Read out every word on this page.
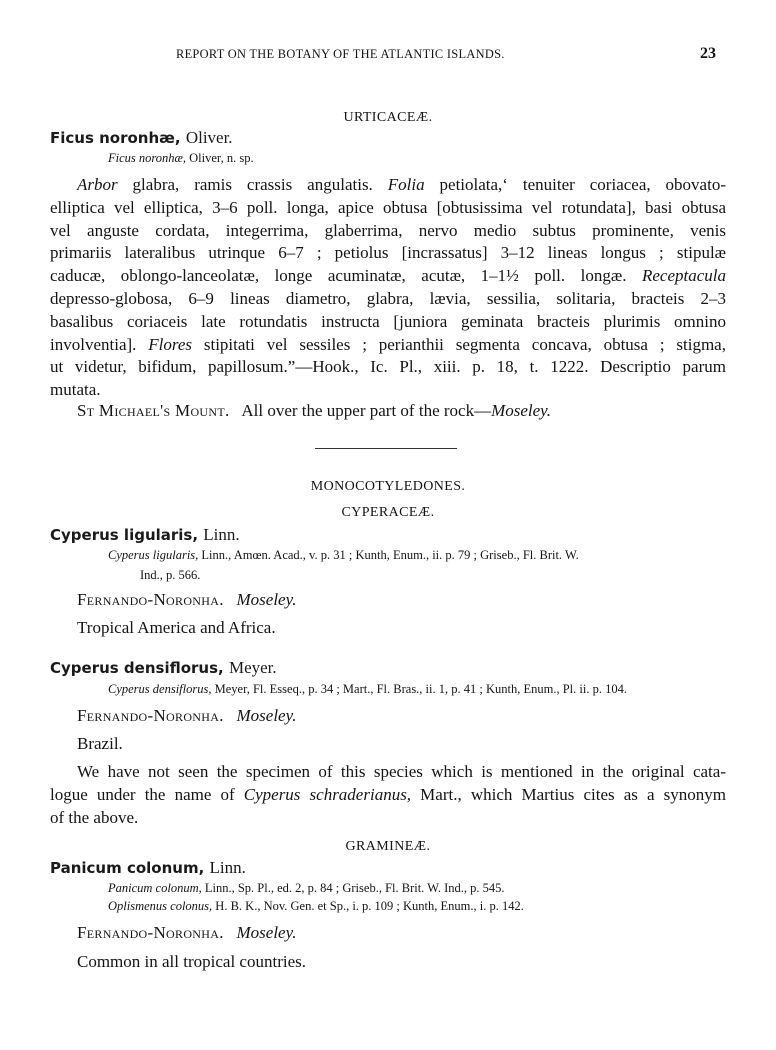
REPORT ON THE BOTANY OF THE ATLANTIC ISLANDS.	23
URTICACEÆ.
Ficus noronhæ, Oliver.
Ficus noronhæ, Oliver, n. sp.
Arbor glabra, ramis crassis angulatis. Folia petiolata,ʻ tenuiter coriacea, obovato-
elliptica vel elliptica, 3–6 poll. longa, apice obtusa [obtusissima vel rotundata], basi obtusa
vel anguste cordata, integerrima, glaberrima, nervo medio subtus prominente, venis
primariis lateralibus utrinque 6–7 ; petiolus [incrassatus] 3–12 lineas longus ; stipulæ
caducæ, oblongo-lanceolatæ, longe acuminatæ, acutæ, 1–1½ poll. longæ. Receptacula
depresso-globosa, 6–9 lineas diametro, glabra, lævia, sessilia, solitaria, bracteis 2–3
basalibus coriaceis late rotundatis instructa [juniora geminata bracteis plurimis omnino
involventia]. Flores stipitati vel sessiles ; perianthii segmenta concava, obtusa ; stigma,
ut videtur, bifidum, papillosum.”—Hook., Ic. Pl., xiii. p. 18, t. 1222. Descriptio parum
mutata.
St Michael's Mount. All over the upper part of the rock—Moseley.
MONOCOTYLEDONES.
CYPERACEÆ.
Cyperus ligularis, Linn.
Cyperus ligularis, Linn., Amœn. Acad., v. p. 31 ; Kunth, Enum., ii. p. 79 ; Griseb., Fl. Brit. W.
Ind., p. 566.
Fernando-Noronha. Moseley.
Tropical America and Africa.
Cyperus densiflorus, Meyer.
Cyperus densiflorus, Meyer, Fl. Esseq., p. 34 ; Mart., Fl. Bras., ii. 1, p. 41 ; Kunth, Enum., Pl. ii. p. 104.
Fernando-Noronha. Moseley.
Brazil.
We have not seen the specimen of this species which is mentioned in the original cata-
logue under the name of Cyperus schraderianus, Mart., which Martius cites as a synonym
of the above.
GRAMINEÆ.
Panicum colonum, Linn.
Panicum colonum, Linn., Sp. Pl., ed. 2, p. 84 ; Griseb., Fl. Brit. W. Ind., p. 545.
Oplismenus colonus, H. B. K., Nov. Gen. et Sp., i. p. 109 ; Kunth, Enum., i. p. 142.
Fernando-Noronha. Moseley.
Common in all tropical countries.
